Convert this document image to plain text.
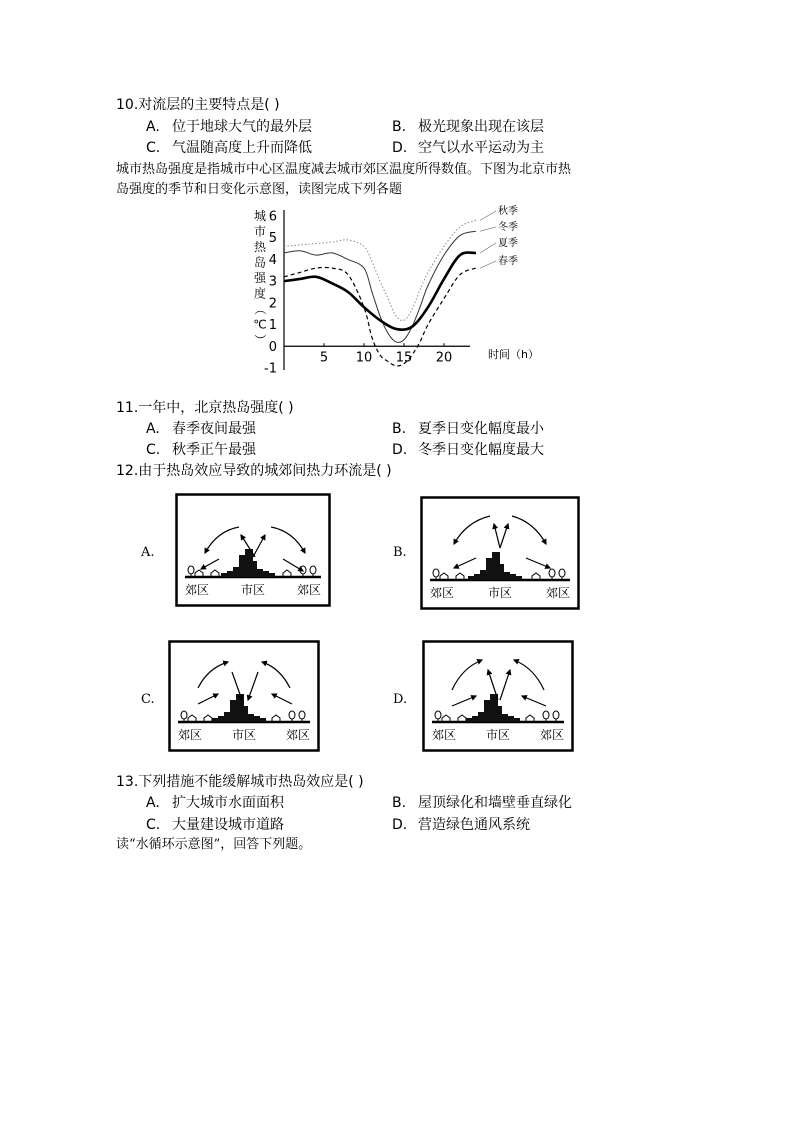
10.对流层的主要特点是( )
A. 位于地球大气的最外层	B. 极光现象出现在该层
C. 气温随高度上升而降低	D. 空气以水平运动为主
城市热岛强度是指城市中心区温度减去城市郊区温度所得数值。下图为北京市热
岛强度的季节和日变化示意图，读图完成下列各题
城
市
热
岛
强
度
（
℃
）
6
5
4
3
2
1
0
-1
5 10 15 20
秋季
冬季
夏季
春季
时间（h）
11.一年中，北京热岛强度( )
A. 春季夜间最强	B. 夏季日变化幅度最小
C. 秋季正午最强	D. 冬季日变化幅度最大
12.由于热岛效应导致的城郊间热力环流是( )
A.	B.
C.	D.
郊区	市区	郊区	郊区	市区	郊区
郊区 市区 郊区	郊区 市区 郊区
13.下列措施不能缓解城市热岛效应是( )
A. 扩大城市水面面积	B. 屋顶绿化和墙壁垂直绿化
C. 大量建设城市道路	D. 营造绿色通风系统
读“水循环示意图”，回答下列题。
